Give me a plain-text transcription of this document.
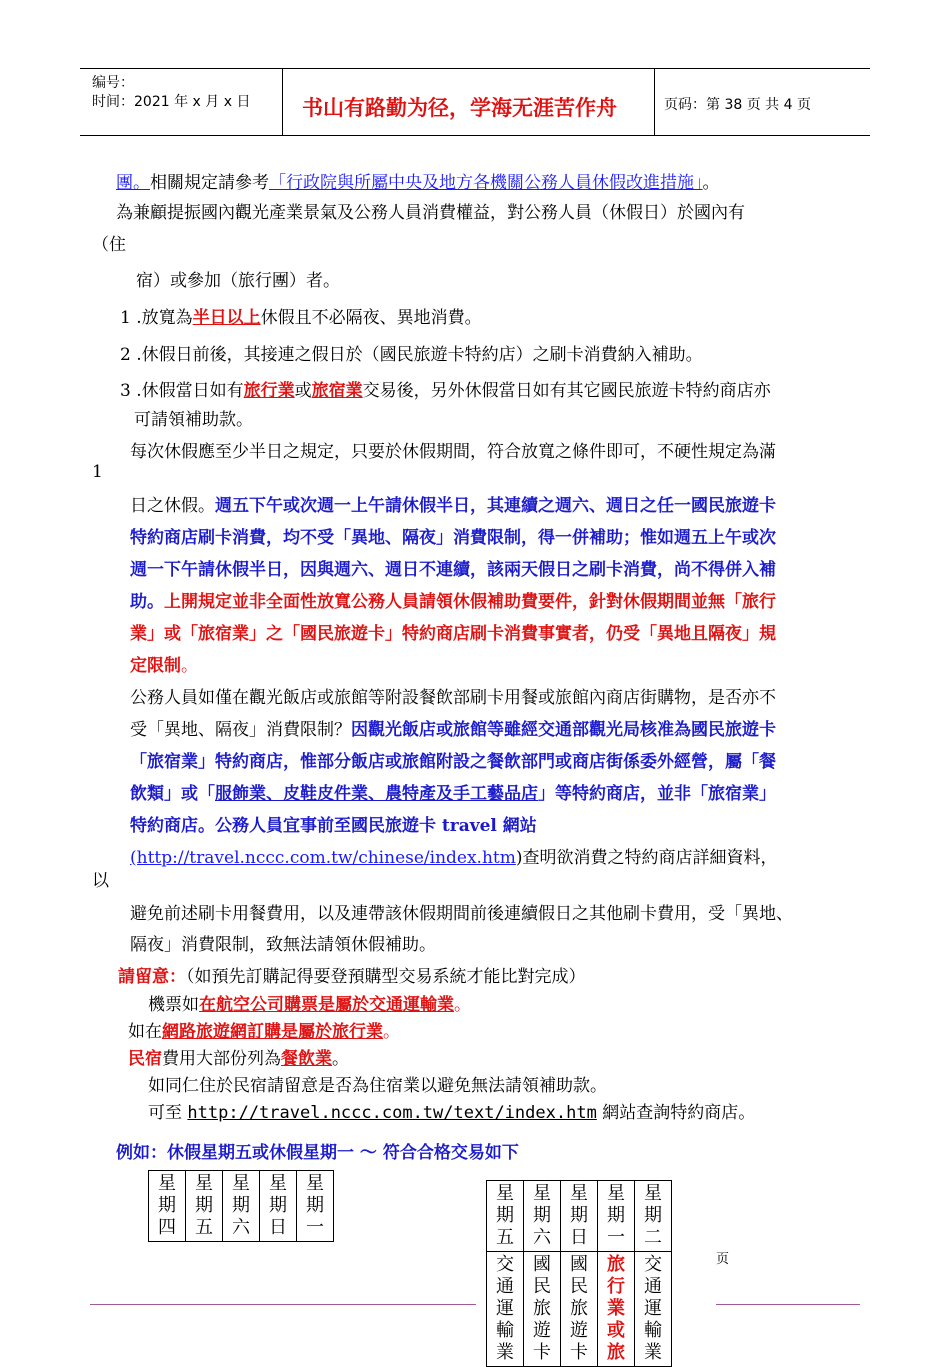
编号：
时间：2021 年 x 月 x 日 书山有路勤为径，学海无涯苦作舟	页码：第 38 页 共 4 页
團。相關規定請參考「行政院與所屬中央及地方各機關公務人員休假改進措施」。
為兼顧提振國內觀光產業景氣及公務人員消費權益，對公務人員（休假日）於國內有
（住
宿）或參加（旅行團）者。
1 .放寬為半日以上休假且不必隔夜、異地消費。
2 .休假日前後，其接連之假日於（國民旅遊卡特約店）之刷卡消費納入補助。
3 .休假當日如有旅行業或旅宿業交易後，另外休假當日如有其它國民旅遊卡特約商店亦
可請領補助款。
每次休假應至少半日之規定，只要於休假期間，符合放寬之條件即可，不硬性規定為滿
1
日之休假。週五下午或次週一上午請休假半日，其連續之週六、週日之任一國民旅遊卡
特約商店刷卡消費，均不受「異地、隔夜」消費限制，得一併補助；惟如週五上午或次
週一下午請休假半日，因與週六、週日不連續，該兩天假日之刷卡消費，尚不得併入補
助。上開規定並非全面性放寬公務人員請領休假補助費要件，針對休假期間並無「旅行
業」或「旅宿業」之「國民旅遊卡」特約商店刷卡消費事實者，仍受「異地且隔夜」規
定限制。
公務人員如僅在觀光飯店或旅館等附設餐飲部刷卡用餐或旅館內商店街購物，是否亦不
受「異地、隔夜」消費限制？因觀光飯店或旅館等雖經交通部觀光局核准為國民旅遊卡
「旅宿業」特約商店，惟部分飯店或旅館附設之餐飲部門或商店街係委外經營，屬「餐
飲類」或「服飾業、皮鞋皮件業、農特產及手工藝品店」等特約商店，並非「旅宿業」
特約商店。公務人員宜事前至國民旅遊卡 travel 網站
(http://travel.nccc.com.tw/chinese/index.htm)查明欲消費之特約商店詳細資料，
以
避免前述刷卡用餐費用，以及連帶該休假期間前後連續假日之其他刷卡費用，受「異地、
隔夜」消費限制，致無法請領休假補助。
請留意：（如預先訂購記得要登預購型交易系統才能比對完成）
機票如在航空公司購票是屬於交通運輸業。
如在網路旅遊網訂購是屬於旅行業。
民宿費用大部份列為餐飲業。
如同仁住於民宿請留意是否為住宿業以避免無法請領補助款。
可至 http://travel.nccc.com.tw/text/index.htm 網站查詢特約商店。
例如：休假星期五或休假星期一 ～ 符合合格交易如下
星
期
四	星
期
五	星
期
六	星
期
日	星
期
一
星
期
五	星
期
六	星
期
日	星
期
一	星
期
二
交
通
運
輸
業	國
民
旅
遊
卡	國
民
旅
遊
卡	旅
行
業
或
旅	交
通
運
輸
業
页
